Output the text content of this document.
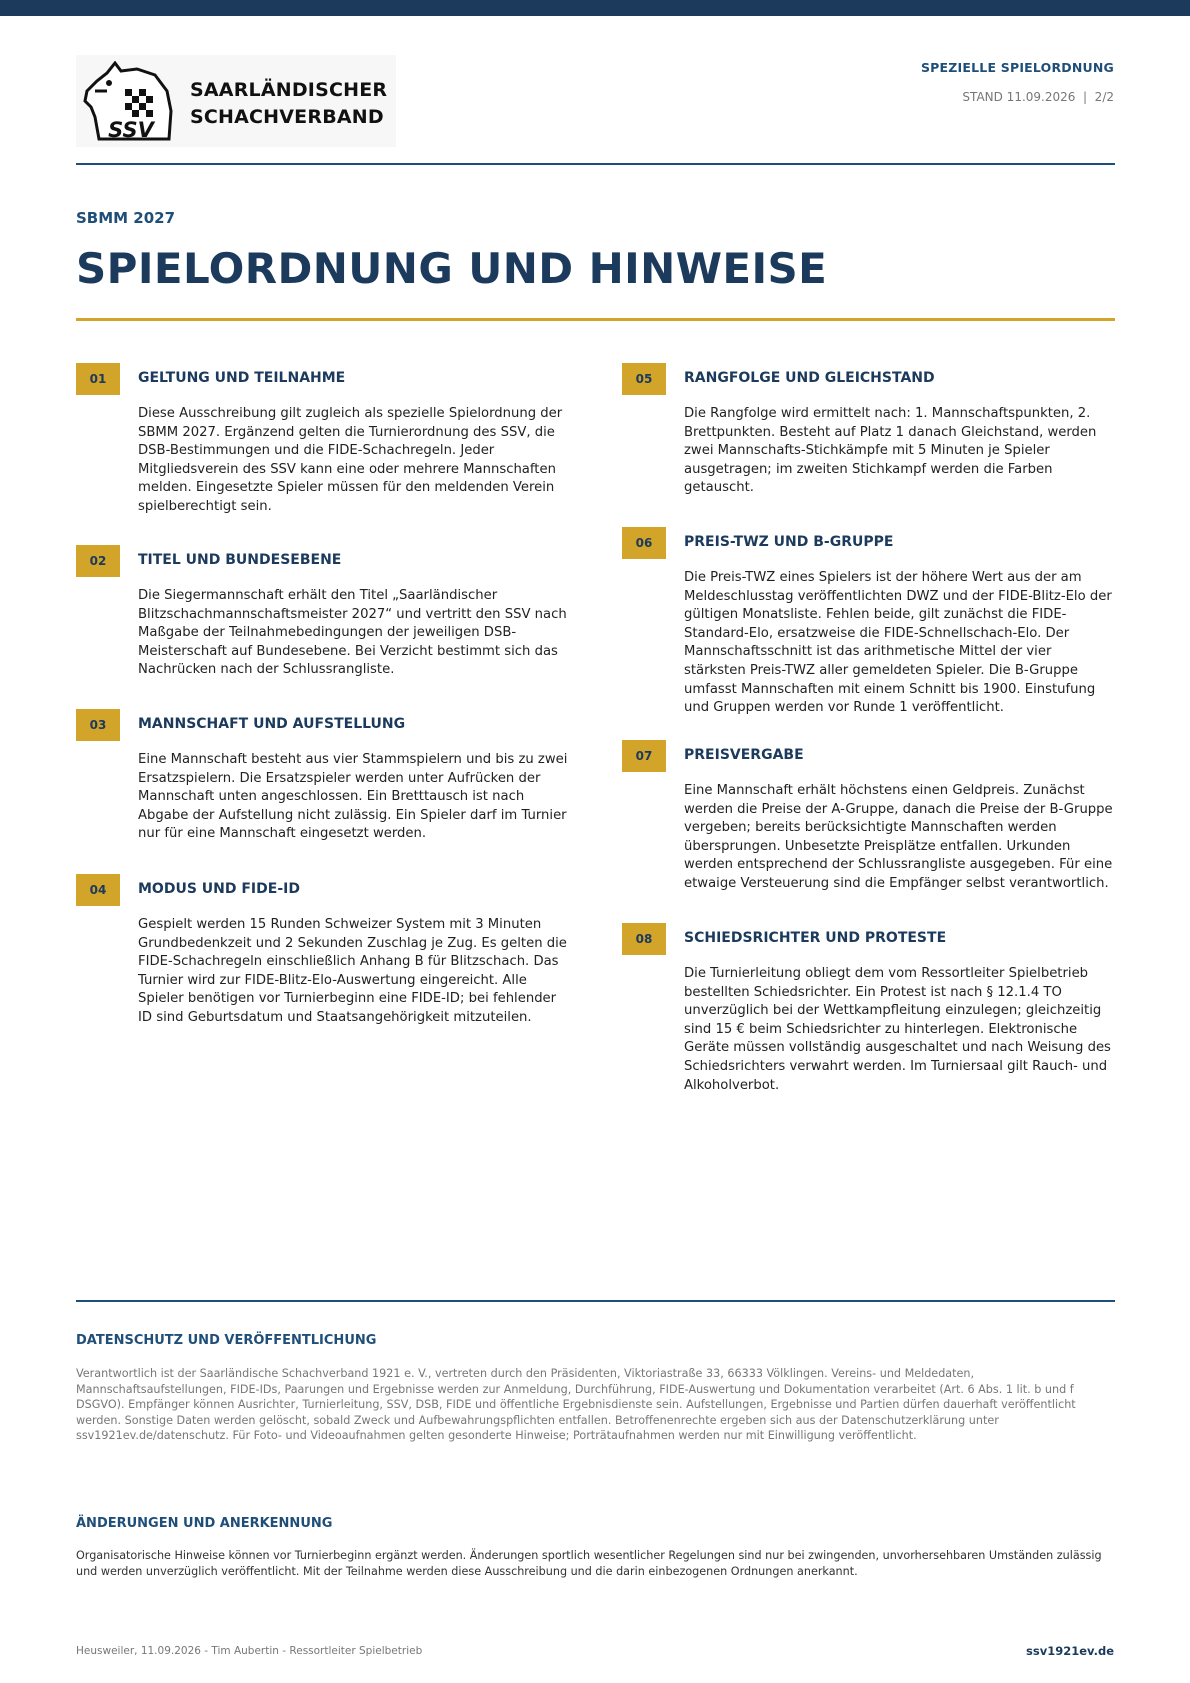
SSV
SAARLÄNDISCHER
SCHACHVERBAND
SPEZIELLE SPIELORDNUNG
STAND 11.09.2026  |  2/2
SBMM 2027
SPIELORDNUNG UND HINWEISE
01	GELTUNG UND TEILNAHME

Diese Ausschreibung gilt zugleich als spezielle Spielordnung der SBMM 2027. Ergänzend gelten die Turnierordnung des SSV, die DSB-Bestimmungen und die FIDE-Schachregeln. Jeder Mitgliedsverein des SSV kann eine oder mehrere Mannschaften melden. Eingesetzte Spieler müssen für den meldenden Verein spielberechtigt sein.

02	TITEL UND BUNDESEBENE

Die Siegermannschaft erhält den Titel „Saarländischer Blitzschachmannschaftsmeister 2027“ und vertritt den SSV nach Maßgabe der Teilnahmebedingungen der jeweiligen DSB-Meisterschaft auf Bundesebene. Bei Verzicht bestimmt sich das Nachrücken nach der Schlussrangliste.

03	MANNSCHAFT UND AUFSTELLUNG

Eine Mannschaft besteht aus vier Stammspielern und bis zu zwei Ersatzspielern. Die Ersatzspieler werden unter Aufrücken der Mannschaft unten angeschlossen. Ein Bretttausch ist nach Abgabe der Aufstellung nicht zulässig. Ein Spieler darf im Turnier nur für eine Mannschaft eingesetzt werden.

04	MODUS UND FIDE-ID

Gespielt werden 15 Runden Schweizer System mit 3 Minuten Grundbedenkzeit und 2 Sekunden Zuschlag je Zug. Es gelten die FIDE-Schachregeln einschließlich Anhang B für Blitzschach. Das Turnier wird zur FIDE-Blitz-Elo-Auswertung eingereicht. Alle Spieler benötigen vor Turnierbeginn eine FIDE-ID; bei fehlender ID sind Geburtsdatum und Staatsangehörigkeit mitzuteilen.

05	RANGFOLGE UND GLEICHSTAND

Die Rangfolge wird ermittelt nach: 1. Mannschaftspunkten, 2. Brettpunkten. Besteht auf Platz 1 danach Gleichstand, werden zwei Mannschafts-Stichkämpfe mit 5 Minuten je Spieler ausgetragen; im zweiten Stichkampf werden die Farben getauscht.

06	PREIS-TWZ UND B-GRUPPE

Die Preis-TWZ eines Spielers ist der höhere Wert aus der am Meldeschlusstag veröffentlichten DWZ und der FIDE-Blitz-Elo der gültigen Monatsliste. Fehlen beide, gilt zunächst die FIDE-Standard-Elo, ersatzweise die FIDE-Schnellschach-Elo. Der Mannschaftsschnitt ist das arithmetische Mittel der vier stärksten Preis-TWZ aller gemeldeten Spieler. Die B-Gruppe umfasst Mannschaften mit einem Schnitt bis 1900. Einstufung und Gruppen werden vor Runde 1 veröffentlicht.

07	PREISVERGABE

Eine Mannschaft erhält höchstens einen Geldpreis. Zunächst werden die Preise der A-Gruppe, danach die Preise der B-Gruppe vergeben; bereits berücksichtigte Mannschaften werden übersprungen. Unbesetzte Preisplätze entfallen. Urkunden werden entsprechend der Schlussrangliste ausgegeben. Für eine etwaige Versteuerung sind die Empfänger selbst verantwortlich.

08	SCHIEDSRICHTER UND PROTESTE

Die Turnierleitung obliegt dem vom Ressortleiter Spielbetrieb bestellten Schiedsrichter. Ein Protest ist nach § 12.1.4 TO unverzüglich bei der Wettkampfleitung einzulegen; gleichzeitig sind 15 € beim Schiedsrichter zu hinterlegen. Elektronische Geräte müssen vollständig ausgeschaltet und nach Weisung des Schiedsrichters verwahrt werden. Im Turniersaal gilt Rauch- und Alkoholverbot.

DATENSCHUTZ UND VERÖFFENTLICHUNG

Verantwortlich ist der Saarländische Schachverband 1921 e. V., vertreten durch den Präsidenten, Viktoriastraße 33, 66333 Völklingen. Vereins- und Meldedaten, Mannschaftsaufstellungen, FIDE-IDs, Paarungen und Ergebnisse werden zur Anmeldung, Durchführung, FIDE-Auswertung und Dokumentation verarbeitet (Art. 6 Abs. 1 lit. b und f DSGVO). Empfänger können Ausrichter, Turnierleitung, SSV, DSB, FIDE und öffentliche Ergebnisdienste sein. Aufstellungen, Ergebnisse und Partien dürfen dauerhaft veröffentlicht werden. Sonstige Daten werden gelöscht, sobald Zweck und Aufbewahrungspflichten entfallen. Betroffenenrechte ergeben sich aus der Datenschutzerklärung unter ssv1921ev.de/datenschutz. Für Foto- und Videoaufnahmen gelten gesonderte Hinweise; Porträtaufnahmen werden nur mit Einwilligung veröffentlicht.

ÄNDERUNGEN UND ANERKENNUNG

Organisatorische Hinweise können vor Turnierbeginn ergänzt werden. Änderungen sportlich wesentlicher Regelungen sind nur bei zwingenden, unvorhersehbaren Umständen zulässig und werden unverzüglich veröffentlicht. Mit der Teilnahme werden diese Ausschreibung und die darin einbezogenen Ordnungen anerkannt.

Heusweiler, 11.09.2026 - Tim Aubertin - Ressortleiter Spielbetrieb	ssv1921ev.de
